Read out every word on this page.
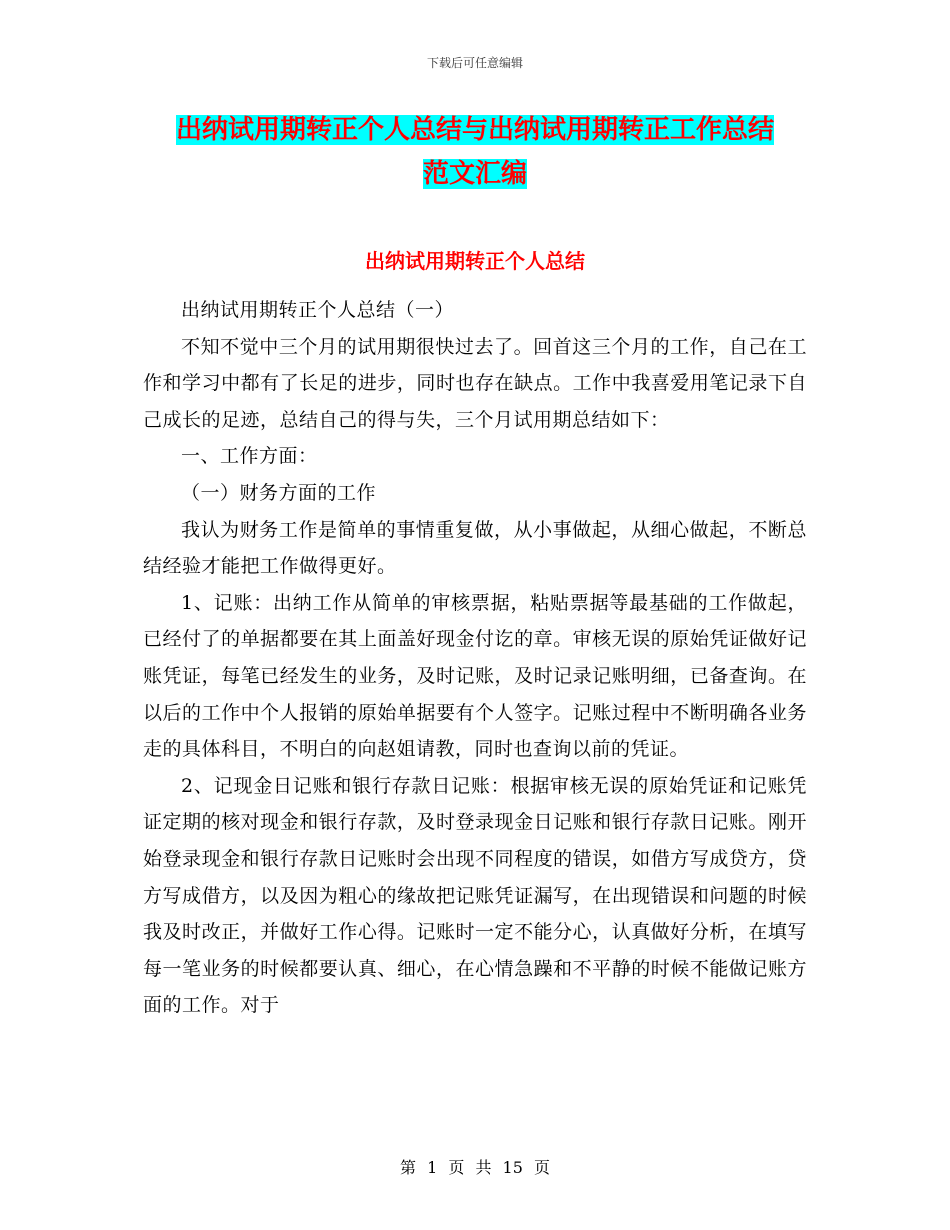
下载后可任意编辑
出纳试用期转正个人总结与出纳试用期转正工作总结
范文汇编
出纳试用期转正个人总结

出纳试用期转正个人总结（一）

不知不觉中三个月的试用期很快过去了。回首这三个月的工作，自己在工作和学习中都有了长足的进步，同时也存在缺点。工作中我喜爱用笔记录下自己成长的足迹，总结自己的得与失，三个月试用期总结如下：

一、工作方面：

（一）财务方面的工作

我认为财务工作是简单的事情重复做，从小事做起，从细心做起，不断总结经验才能把工作做得更好。

1、记账：出纳工作从简单的审核票据，粘贴票据等最基础的工作做起，已经付了的单据都要在其上面盖好现金付讫的章。审核无误的原始凭证做好记账凭证，每笔已经发生的业务，及时记账，及时记录记账明细，已备查询。在以后的工作中个人报销的原始单据要有个人签字。记账过程中不断明确各业务走的具体科目，不明白的向赵姐请教，同时也查询以前的凭证。

2、记现金日记账和银行存款日记账：根据审核无误的原始凭证和记账凭证定期的核对现金和银行存款，及时登录现金日记账和银行存款日记账。刚开始登录现金和银行存款日记账时会出现不同程度的错误，如借方写成贷方，贷方写成借方，以及因为粗心的缘故把记账凭证漏写，在出现错误和问题的时候我及时改正，并做好工作心得。记账时一定不能分心，认真做好分析，在填写每一笔业务的时候都要认真、细心，在心情急躁和不平静的时候不能做记账方面的工作。对于

第 1 页 共 15 页
